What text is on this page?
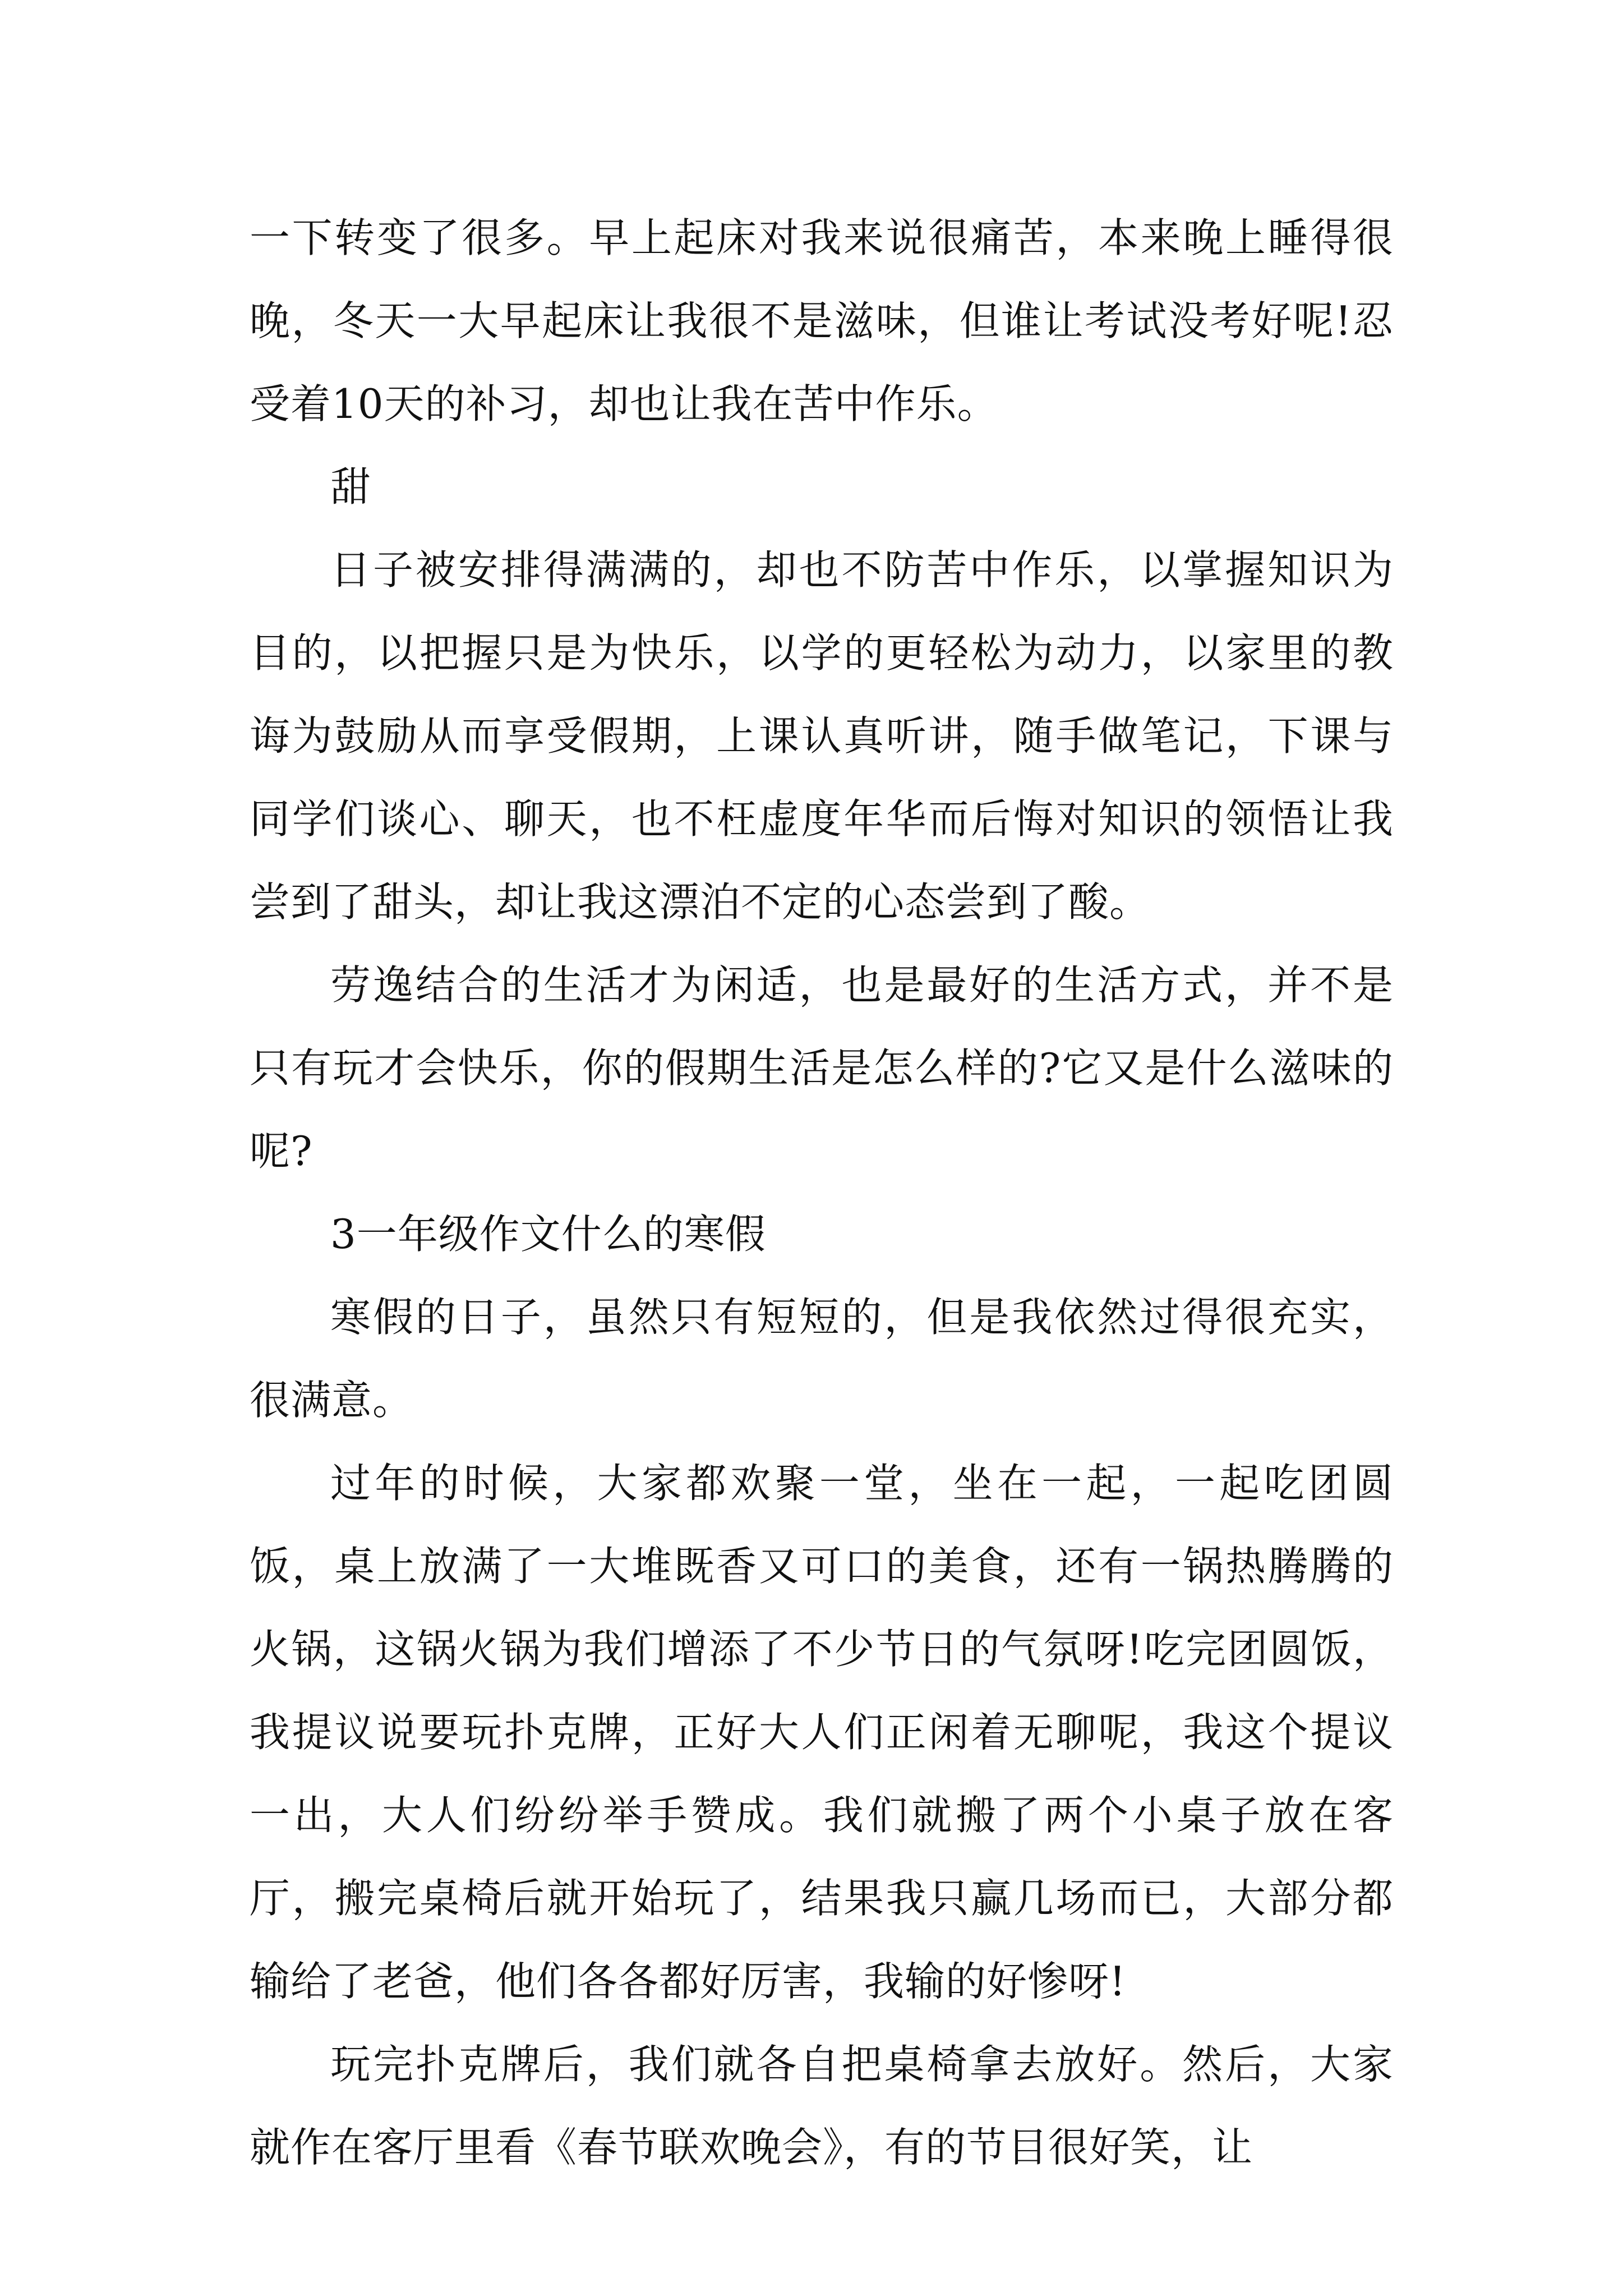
一下转变了很多。早上起床对我来说很痛苦，本来晚上睡得很晚，冬天一大早起床让我很不是滋味，但谁让考试没考好呢!忍受着10天的补习，却也让我在苦中作乐。

甜

日子被安排得满满的，却也不防苦中作乐，以掌握知识为目的，以把握只是为快乐，以学的更轻松为动力，以家里的教诲为鼓励从而享受假期，上课认真听讲，随手做笔记，下课与同学们谈心、聊天，也不枉虚度年华而后悔对知识的领悟让我尝到了甜头，却让我这漂泊不定的心态尝到了酸。

劳逸结合的生活才为闲适，也是最好的生活方式，并不是只有玩才会快乐，你的假期生活是怎么样的?它又是什么滋味的呢?

3一年级作文什么的寒假

寒假的日子，虽然只有短短的，但是我依然过得很充实，很满意。

过年的时候，大家都欢聚一堂，坐在一起，一起吃团圆饭，桌上放满了一大堆既香又可口的美食，还有一锅热腾腾的火锅，这锅火锅为我们增添了不少节日的气氛呀!吃完团圆饭，我提议说要玩扑克牌，正好大人们正闲着无聊呢，我这个提议一出，大人们纷纷举手赞成。我们就搬了两个小桌子放在客厅，搬完桌椅后就开始玩了，结果我只赢几场而已，大部分都输给了老爸，他们各各都好厉害，我输的好惨呀!

玩完扑克牌后，我们就各自把桌椅拿去放好。然后，大家就作在客厅里看《春节联欢晚会》，有的节目很好笑，让
